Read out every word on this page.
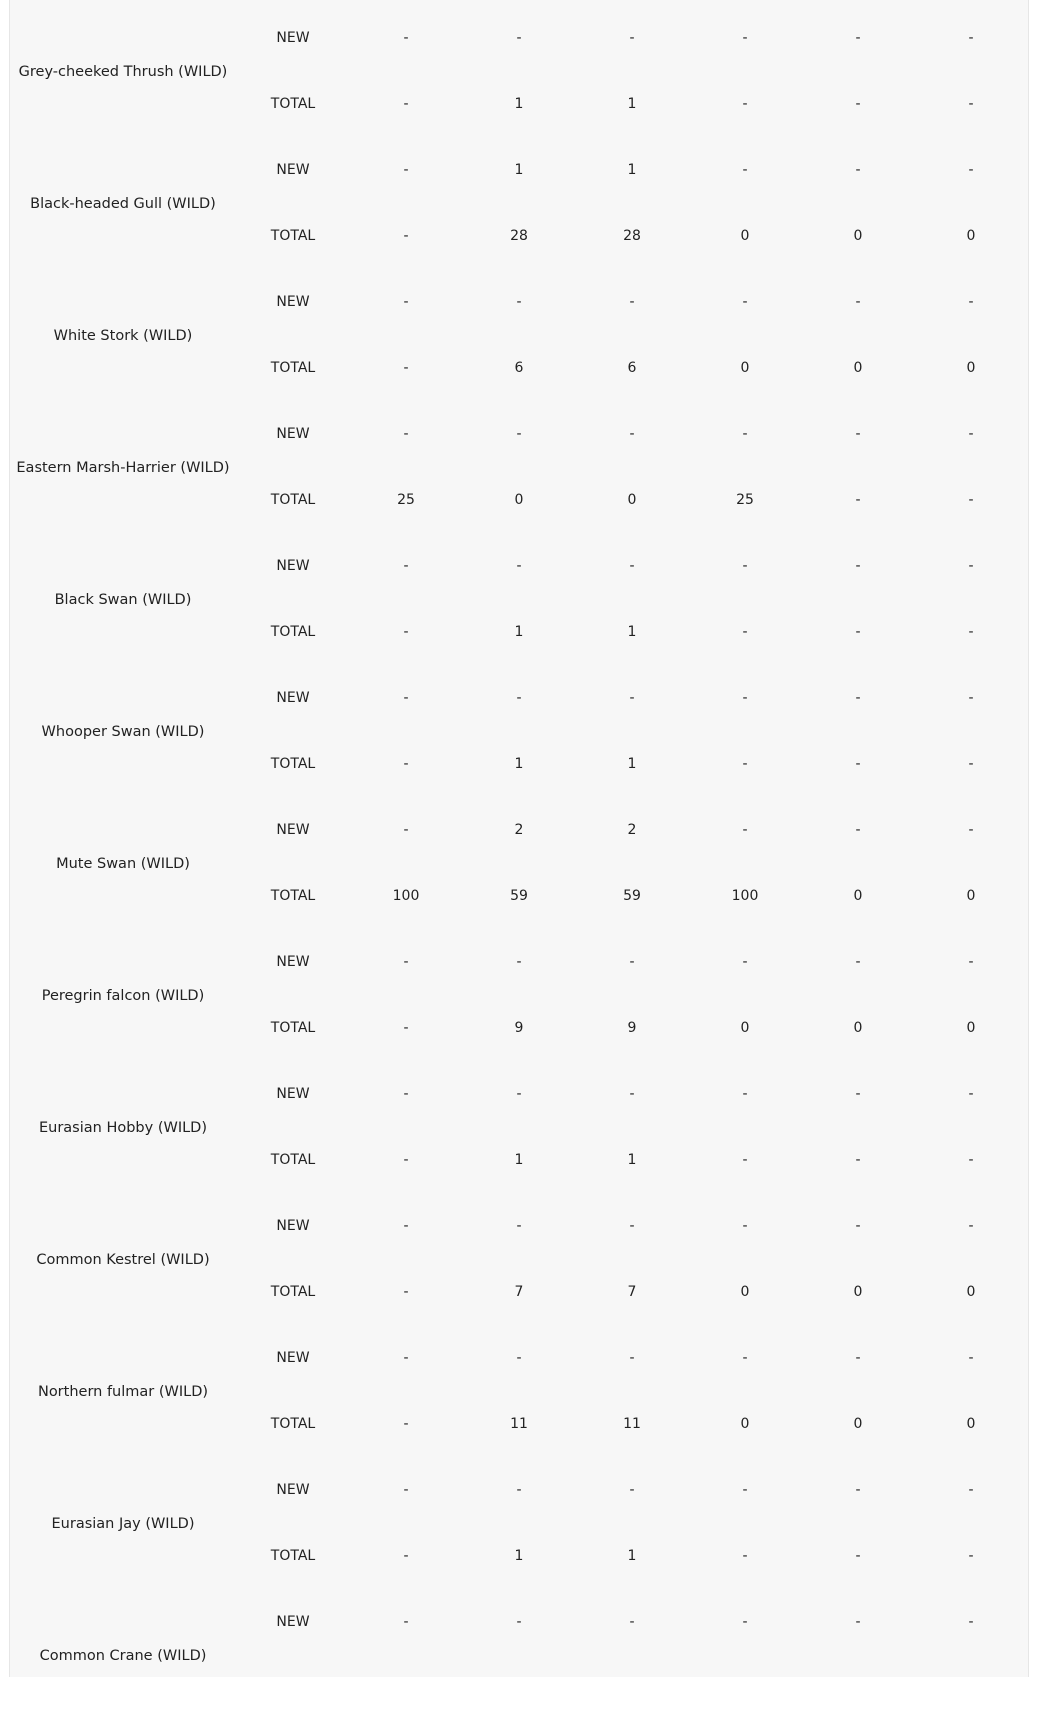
Grey-cheeked Thrush (WILD)
NEW	-	-	-	-	-	-
TOTAL	-	1	1	-	-	-
Black-headed Gull (WILD)
NEW	-	1	1	-	-	-
TOTAL	-	28	28	0	0	0
White Stork (WILD)
NEW	-	-	-	-	-	-
TOTAL	-	6	6	0	0	0
Eastern Marsh-Harrier (WILD)
NEW	-	-	-	-	-	-
TOTAL	25	0	0	25	-	-
Black Swan (WILD)
NEW	-	-	-	-	-	-
TOTAL	-	1	1	-	-	-
Whooper Swan (WILD)
NEW	-	-	-	-	-	-
TOTAL	-	1	1	-	-	-
Mute Swan (WILD)
NEW	-	2	2	-	-	-
TOTAL	100	59	59	100	0	0
Peregrin falcon (WILD)
NEW	-	-	-	-	-	-
TOTAL	-	9	9	0	0	0
Eurasian Hobby (WILD)
NEW	-	-	-	-	-	-
TOTAL	-	1	1	-	-	-
Common Kestrel (WILD)
NEW	-	-	-	-	-	-
TOTAL	-	7	7	0	0	0
Northern fulmar (WILD)
NEW	-	-	-	-	-	-
TOTAL	-	11	11	0	0	0
Eurasian Jay (WILD)
NEW	-	-	-	-	-	-
TOTAL	-	1	1	-	-	-
Common Crane (WILD)
NEW	-	-	-	-	-	-
